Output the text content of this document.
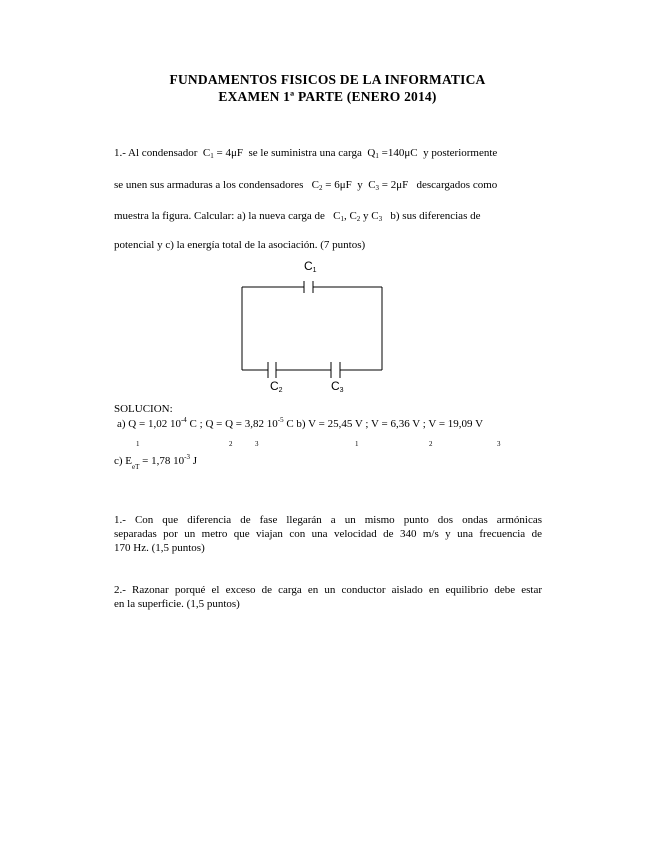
FUNDAMENTOS FISICOS DE LA INFORMATICA
EXAMEN 1ª PARTE (ENERO 2014)
1.- Al condensador $C_1 = 4\mu F$ se le suministra una carga $Q_1 =140\mu C$ y posteriormente
se unen sus armaduras a los condensadores $C_2 = 6\mu F$ y $C_3 = 2\mu F$ descargados como
muestra la figura. Calcular: a) la nueva carga de $C_1$, $C_2$ y $C_3$ b) sus diferencias de
potencial y c) la energía total de la asociación. (7 puntos)
$C_1$
$C_2$	$C_3$
SOLUCION:
a) Q = 1,02 $10^{-4}$ C ; Q = Q = 3,82 $10^{-5}$ C b) V = 25,45 V ; V = 6,36 V ; V = 19,09 V
1	2	3	1	2	3
c) $E_{eT} = 1,78$ $10^{-3}$ J
1.- Con que diferencia de fase llegarán a un mismo punto dos ondas armónicas
separadas por un metro que viajan con una velocidad de 340 m/s y una frecuencia de
170 Hz. (1,5 puntos)
2.- Razonar porqué el exceso de carga en un conductor aislado en equilibrio debe estar
en la superficie. (1,5 puntos)
